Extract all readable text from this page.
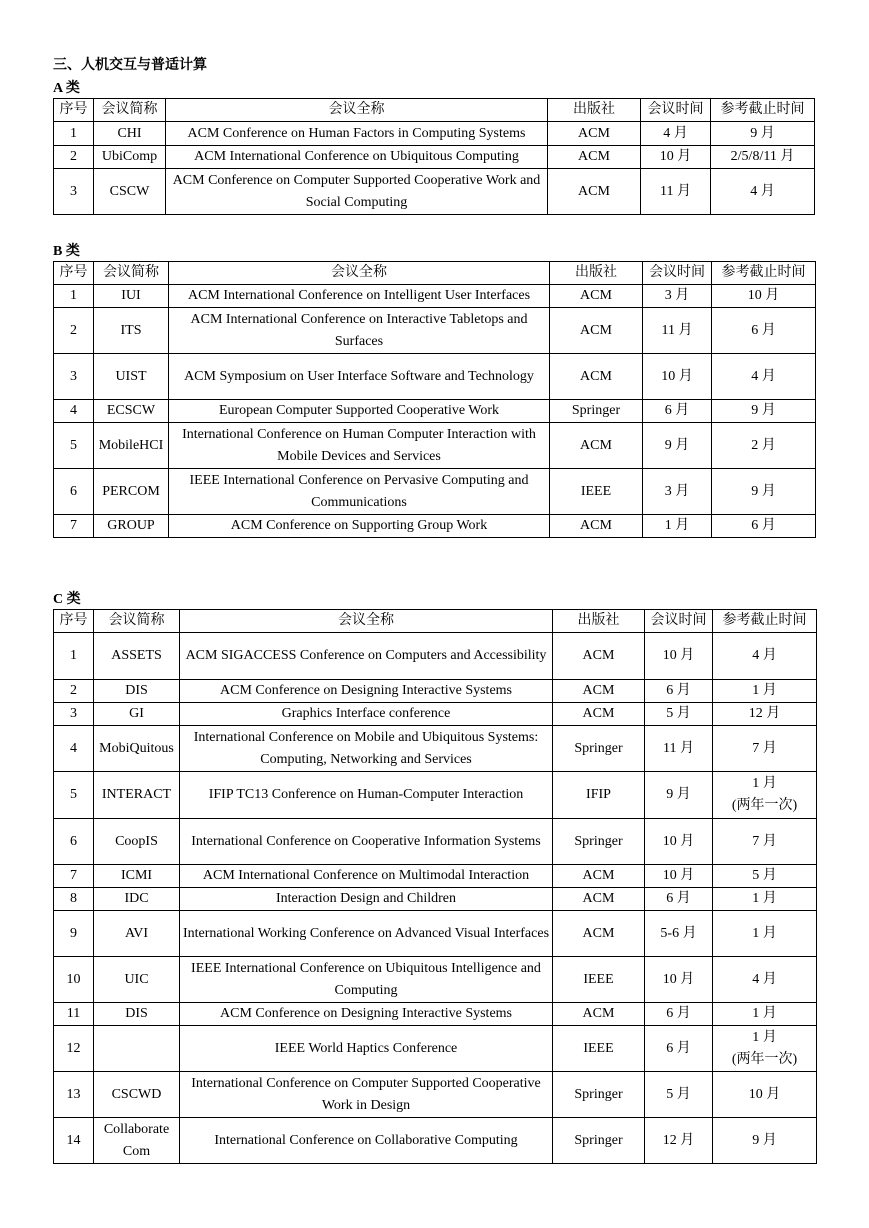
三、人机交互与普适计算
A 类
序号	会议简称	会议全称	出版社	会议时间	参考截止时间
1	CHI	ACM Conference on Human Factors in Computing Systems	ACM	4 月	9 月
2	UbiComp	ACM International Conference on Ubiquitous Computing	ACM	10 月	2/5/8/11 月
3	CSCW	ACM Conference on Computer Supported Cooperative Work and Social Computing	ACM	11 月	4 月
B 类
序号	会议简称	会议全称	出版社	会议时间	参考截止时间
1	IUI	ACM International Conference on Intelligent User Interfaces	ACM	3 月	10 月
2	ITS	ACM International Conference on Interactive Tabletops and Surfaces	ACM	11 月	6 月
3	UIST	ACM Symposium on User Interface Software and Technology	ACM	10 月	4 月
4	ECSCW	European Computer Supported Cooperative Work	Springer	6 月	9 月
5	MobileHCI	International Conference on Human Computer Interaction with Mobile Devices and Services	ACM	9 月	2 月
6	PERCOM	IEEE International Conference on Pervasive Computing and Communications	IEEE	3 月	9 月
7	GROUP	ACM Conference on Supporting Group Work	ACM	1 月	6 月
C 类
序号	会议简称	会议全称	出版社	会议时间	参考截止时间
1	ASSETS	ACM SIGACCESS Conference on Computers and Accessibility	ACM	10 月	4 月
2	DIS	ACM Conference on Designing Interactive Systems	ACM	6 月	1 月
3	GI	Graphics Interface conference	ACM	5 月	12 月
4	MobiQuitous	International Conference on Mobile and Ubiquitous Systems: Computing, Networking and Services	Springer	11 月	7 月
5	INTERACT	IFIP TC13 Conference on Human-Computer Interaction	IFIP	9 月	1 月
(两年一次)
6	CoopIS	International Conference on Cooperative Information Systems	Springer	10 月	7 月
7	ICMI	ACM International Conference on Multimodal Interaction	ACM	10 月	5 月
8	IDC	Interaction Design and Children	ACM	6 月	1 月
9	AVI	International Working Conference on Advanced Visual Interfaces	ACM	5-6 月	1 月
10	UIC	IEEE International Conference on Ubiquitous Intelligence and Computing	IEEE	10 月	4 月
11	DIS	ACM Conference on Designing Interactive Systems	ACM	6 月	1 月
12		IEEE World Haptics Conference	IEEE	6 月	1 月
(两年一次)
13	CSCWD	International Conference on Computer Supported Cooperative Work in Design	Springer	5 月	10 月
14	Collaborate
Com	International Conference on Collaborative Computing	Springer	12 月	9 月
